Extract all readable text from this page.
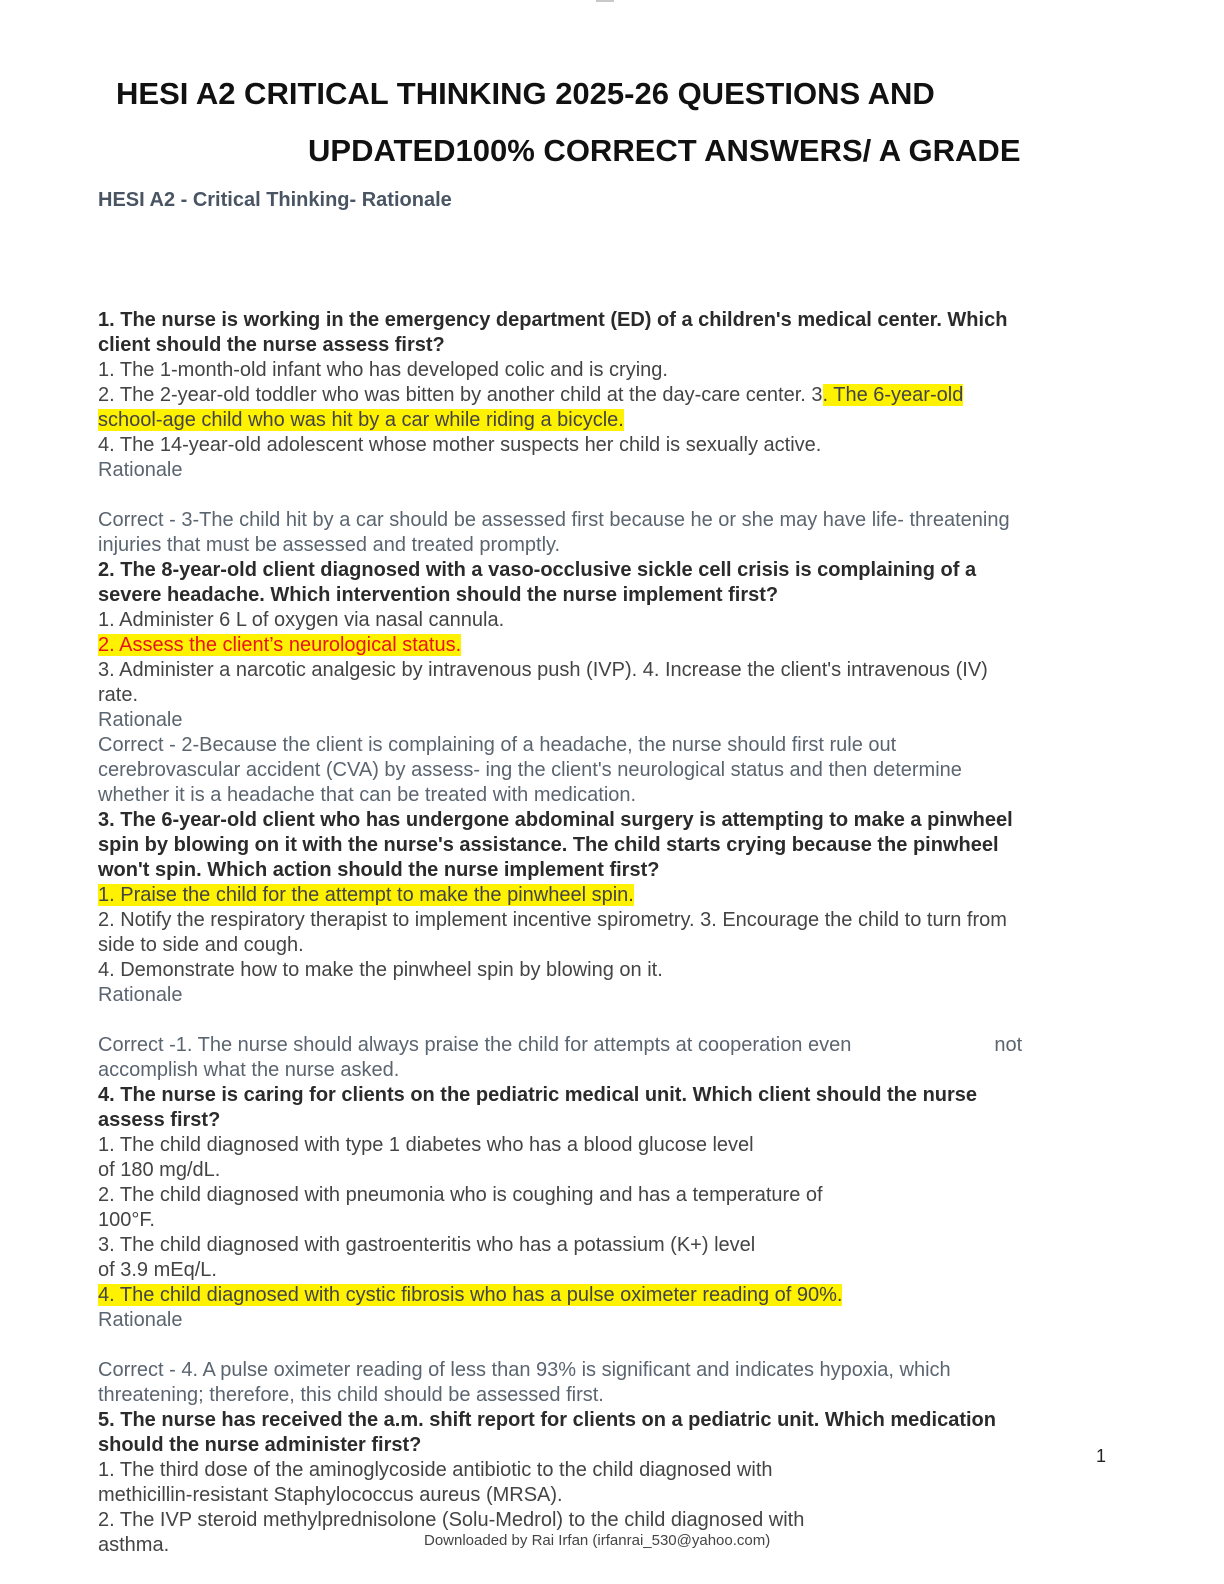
HESI A2 CRITICAL THINKING 2025-26 QUESTIONS AND
UPDATED100% CORRECT ANSWERS/ A GRADE
HESI A2 - Critical Thinking- Rationale

1. The nurse is working in the emergency department (ED) of a children's medical center. Which

client should the nurse assess first?

1. The 1-month-old infant who has developed colic and is crying.

2. The 2-year-old toddler who was bitten by another child at the day-care center. 3. The 6-year-old

school-age child who was hit by a car while riding a bicycle.

4. The 14-year-old adolescent whose mother suspects her child is sexually active.

Rationale

Correct - 3-The child hit by a car should be assessed first because he or she may have life- threatening

injuries that must be assessed and treated promptly.

2. The 8-year-old client diagnosed with a vaso-occlusive sickle cell crisis is complaining of a

severe headache. Which intervention should the nurse implement first?

1. Administer 6 L of oxygen via nasal cannula.

2. Assess the client’s neurological status.

3. Administer a narcotic analgesic by intravenous push (IVP). 4. Increase the client's intravenous (IV)

rate.

Rationale

Correct - 2-Because the client is complaining of a headache, the nurse should first rule out

cerebrovascular accident (CVA) by assess- ing the client's neurological status and then determine

whether it is a headache that can be treated with medication.

3. The 6-year-old client who has undergone abdominal surgery is attempting to make a pinwheel

spin by blowing on it with the nurse's assistance. The child starts crying because the pinwheel

won't spin. Which action should the nurse implement first?

1. Praise the child for the attempt to make the pinwheel spin.

2. Notify the respiratory therapist to implement incentive spirometry. 3. Encourage the child to turn from

side to side and cough.

4. Demonstrate how to make the pinwheel spin by blowing on it.

Rationale

Correct -1. The nurse should always praise the child for attempts at cooperation even	not

accomplish what the nurse asked.

4. The nurse is caring for clients on the pediatric medical unit. Which client should the nurse

assess first?

1. The child diagnosed with type 1 diabetes who has a blood glucose level

of 180 mg/dL.

2. The child diagnosed with pneumonia who is coughing and has a temperature of

100°F.

3. The child diagnosed with gastroenteritis who has a potassium (K+) level

of 3.9 mEq/L.

4. The child diagnosed with cystic fibrosis who has a pulse oximeter reading of 90%.

Rationale

Correct - 4. A pulse oximeter reading of less than 93% is significant and indicates hypoxia, which

threatening; therefore, this child should be assessed first.

5. The nurse has received the a.m. shift report for clients on a pediatric unit. Which medication

should the nurse administer first?

1. The third dose of the aminoglycoside antibiotic to the child diagnosed with

methicillin-resistant Staphylococcus aureus (MRSA).

2. The IVP steroid methylprednisolone (Solu-Medrol) to the child diagnosed with

asthma.

1
Downloaded by Rai Irfan (irfanrai_530@yahoo.com)
